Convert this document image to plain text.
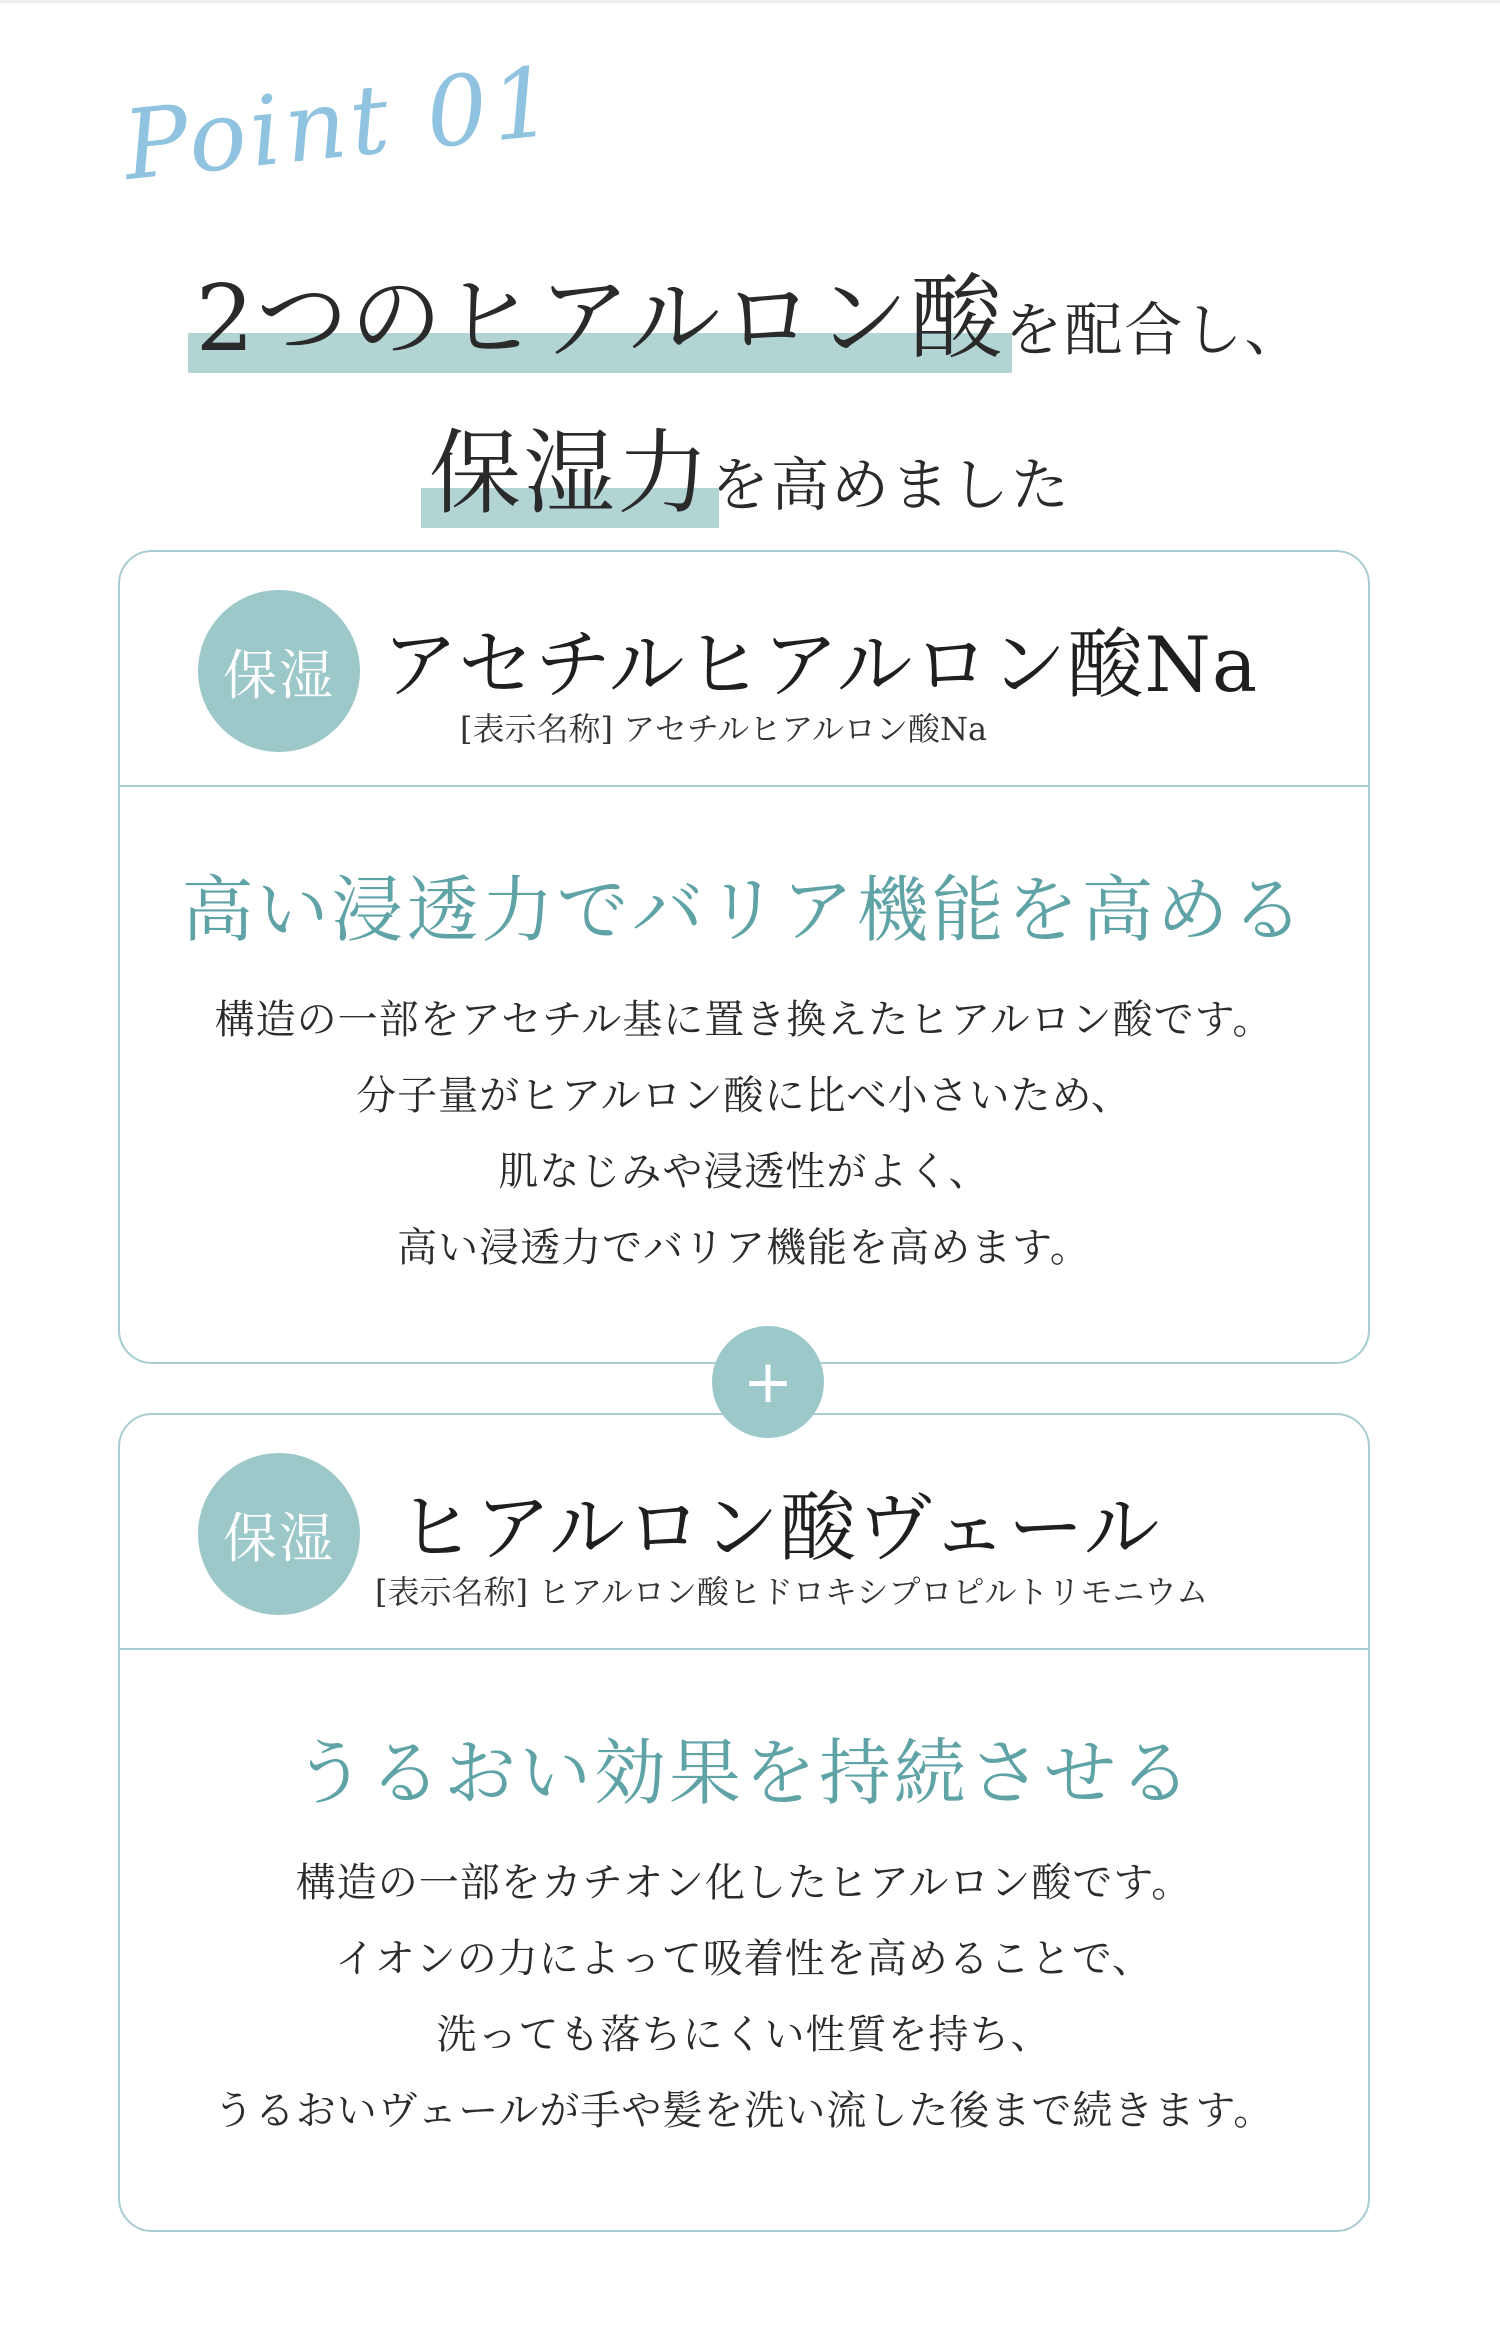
Point 01
2つのヒアルロン酸を配合し、
保湿力を高めました
保湿 アセチルヒアルロン酸Na
[表示名称] アセチルヒアルロン酸Na
高い浸透力でバリア機能を高める
構造の一部をアセチル基に置き換えたヒアルロン酸です。
分子量がヒアルロン酸に比べ小さいため、
肌なじみや浸透性がよく、
高い浸透力でバリア機能を高めます。
+
保湿 ヒアルロン酸ヴェール
[表示名称] ヒアルロン酸ヒドロキシプロピルトリモニウム
うるおい効果を持続させる
構造の一部をカチオン化したヒアルロン酸です。
イオンの力によって吸着性を高めることで、
洗っても落ちにくい性質を持ち、
うるおいヴェールが手や髪を洗い流した後まで続きます。
